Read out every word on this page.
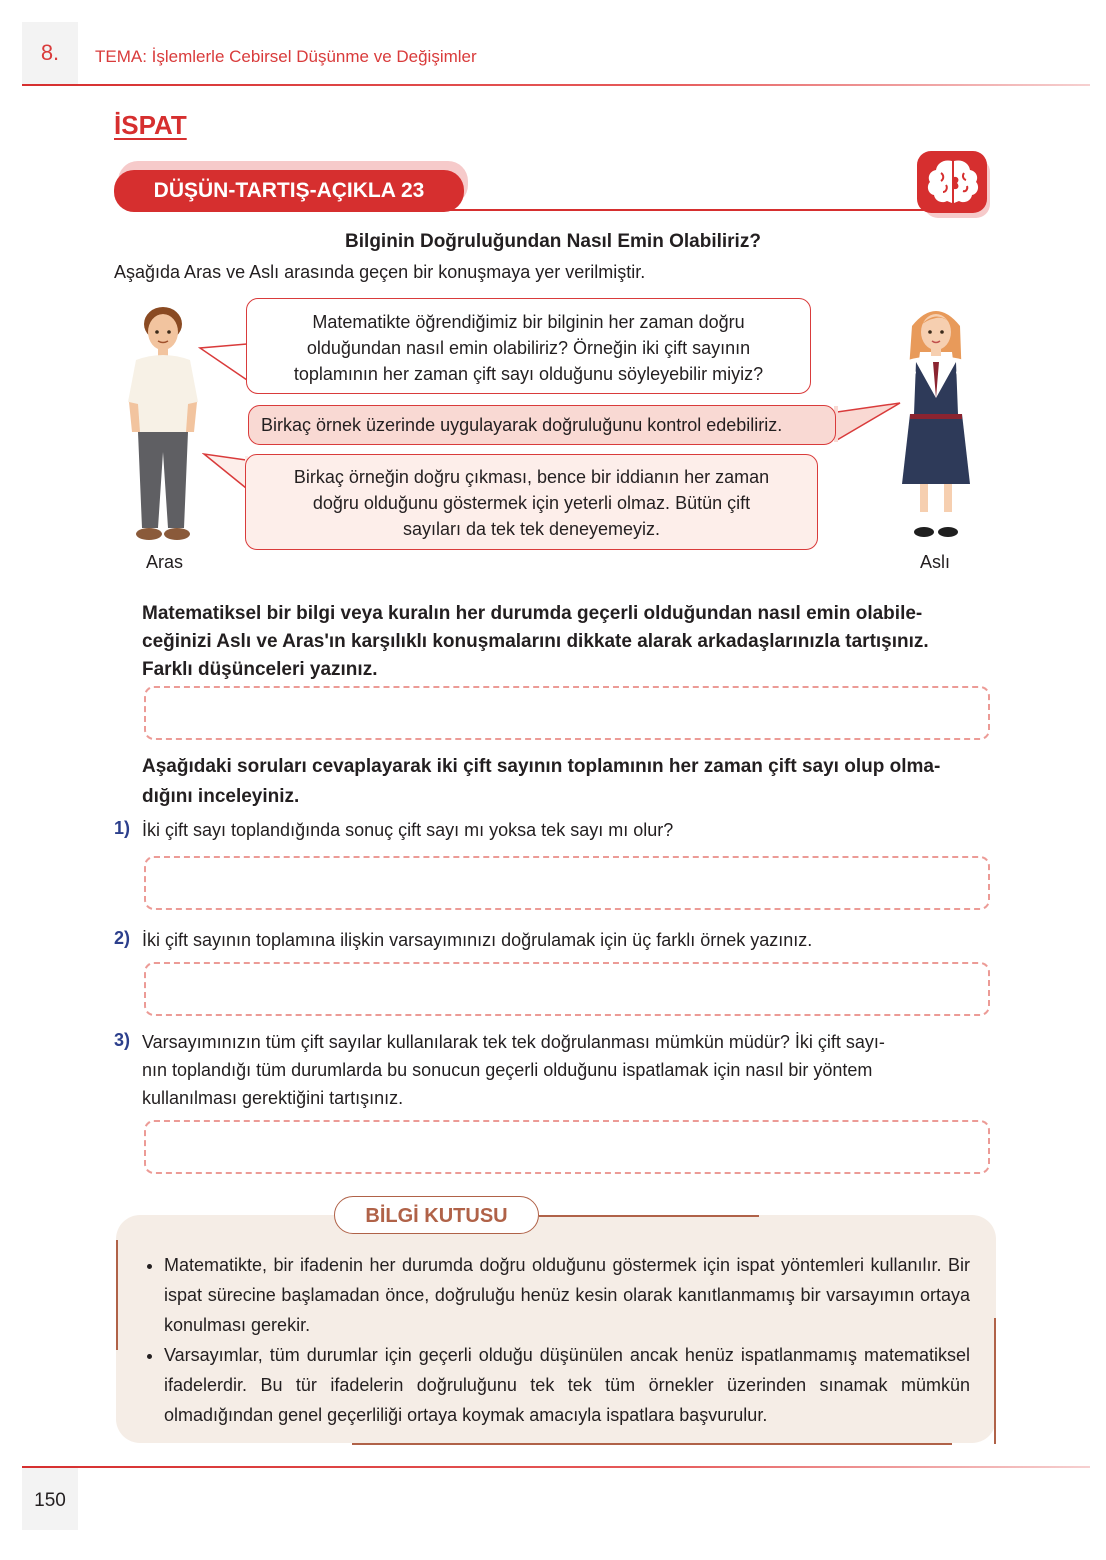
8.	TEMA: İşlemlerle Cebirsel Düşünme ve Değişimler
İSPAT
DÜŞÜN-TARTIŞ-AÇIKLA 23
Bilginin Doğruluğundan Nasıl Emin Olabiliriz?
Aşağıda Aras ve Aslı arasında geçen bir konuşmaya yer verilmiştir.
Aras	Aslı
Matematikte öğrendiğimiz bir bilginin her zaman doğru
olduğundan nasıl emin olabiliriz? Örneğin iki çift sayının
toplamının her zaman çift sayı olduğunu söyleyebilir miyiz?
Birkaç örnek üzerinde uygulayarak doğruluğunu kontrol edebiliriz.
Birkaç örneğin doğru çıkması, bence bir iddianın her zaman
doğru olduğunu göstermek için yeterli olmaz. Bütün çift
sayıları da tek tek deneyemeyiz.
Matematiksel bir bilgi veya kuralın her durumda geçerli olduğundan nasıl emin olabile-
ceğinizi Aslı ve Aras'ın karşılıklı konuşmalarını dikkate alarak arkadaşlarınızla tartışınız.
Farklı düşünceleri yazınız.
Aşağıdaki soruları cevaplayarak iki çift sayının toplamının her zaman çift sayı olup olma-
dığını inceleyiniz.
1) İki çift sayı toplandığında sonuç çift sayı mı yoksa tek sayı mı olur?
2) İki çift sayının toplamına ilişkin varsayımınızı doğrulamak için üç farklı örnek yazınız.
3) Varsayımınızın tüm çift sayılar kullanılarak tek tek doğrulanması mümkün müdür? İki çift sayı-
nın toplandığı tüm durumlarda bu sonucun geçerli olduğunu ispatlamak için nasıl bir yöntem
kullanılması gerektiğini tartışınız.
BİLGİ KUTUSU
• Matematikte, bir ifadenin her durumda doğru olduğunu göstermek için ispat yöntemleri kullanılır. Bir ispat sürecine başlamadan önce, doğruluğu henüz kesin olarak kanıtlanmamış bir varsayımın ortaya konulması gerekir.
• Varsayımlar, tüm durumlar için geçerli olduğu düşünülen ancak henüz ispatlanmamış matematiksel ifadelerdir. Bu tür ifadelerin doğruluğunu tek tek tüm örnekler üzerinden sınamak mümkün olmadığından genel geçerliliği ortaya koymak amacıyla ispatlara başvurulur.
150
